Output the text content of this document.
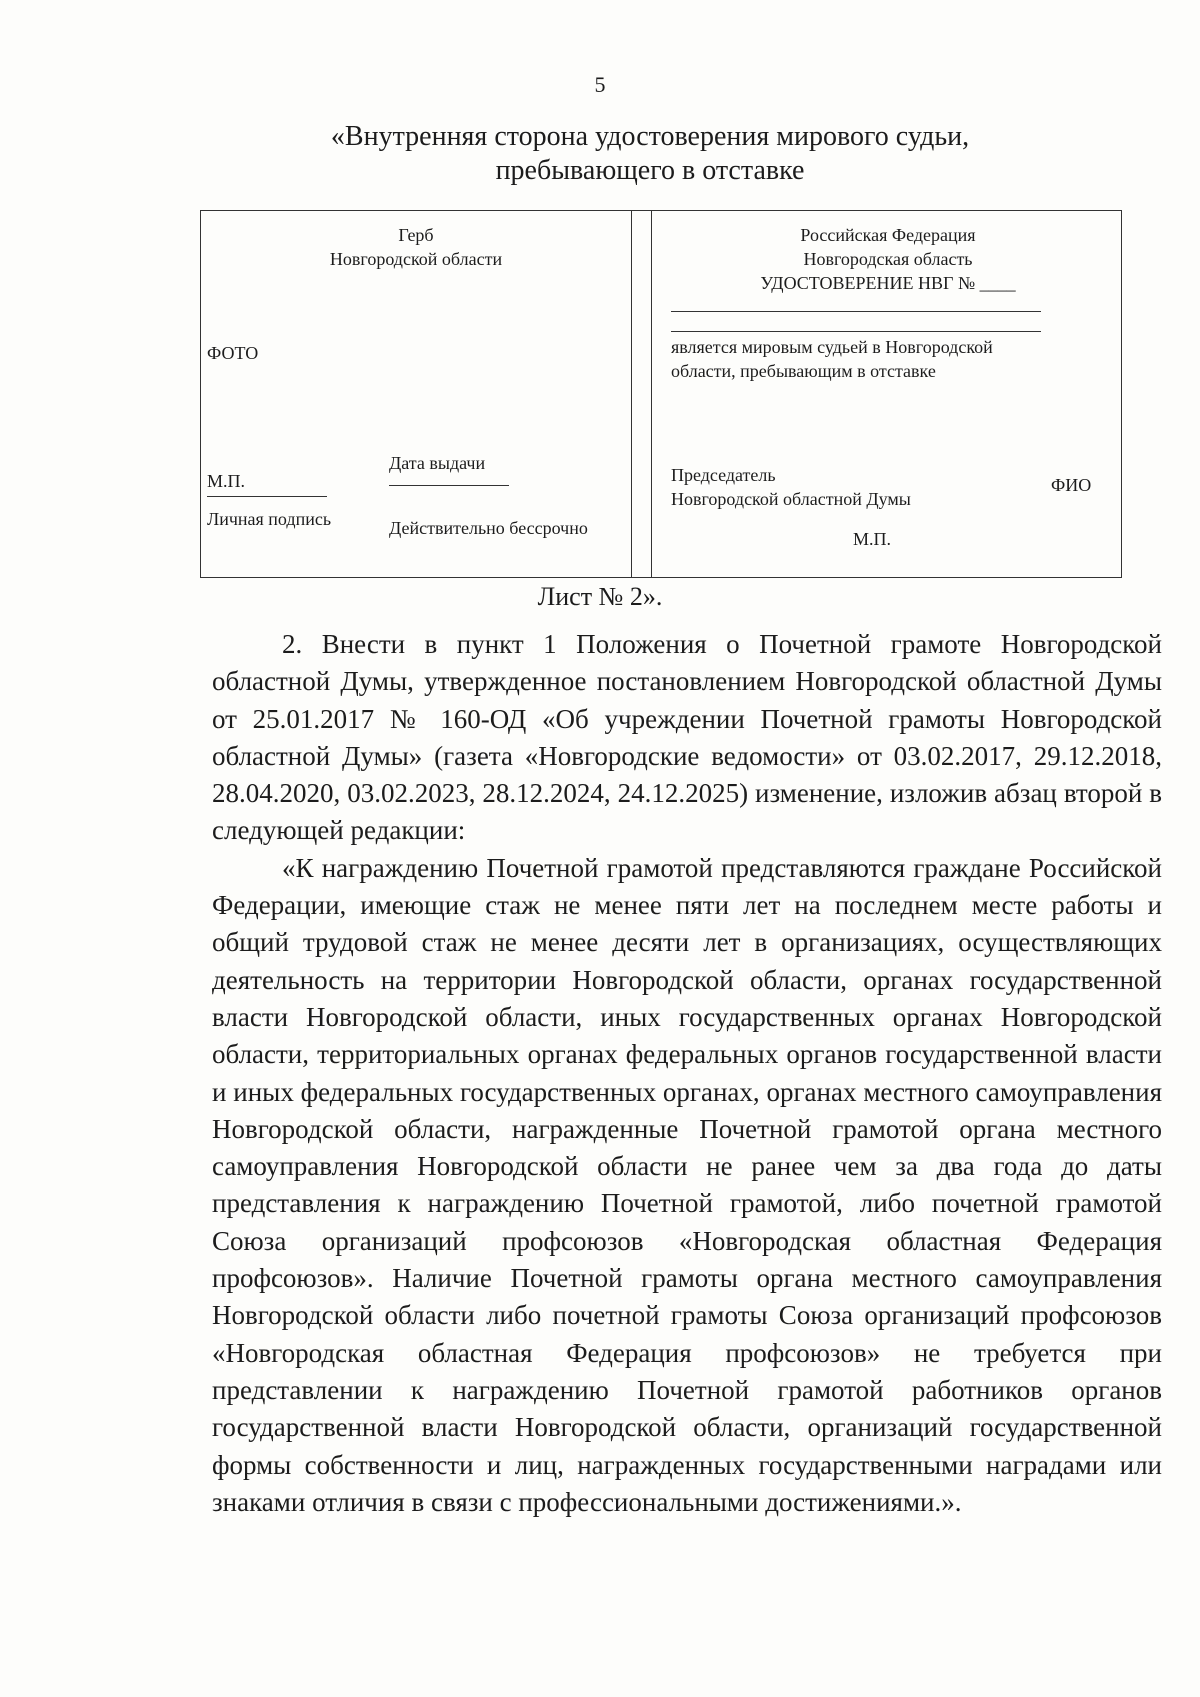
5
«Внутренняя сторона удостоверения мирового судьи,
пребывающего в отставке
Герб
Новгородской области
ФОТО
М.П.
Дата выдачи
Личная подпись	Действительно бессрочно
Российская Федерация
Новгородская область
УДОСТОВЕРЕНИЕ НВГ № ____
является мировым судьей в Новгородской
области, пребывающим в отставке
Председатель
Новгородской областной Думы
ФИО
М.П.
Лист № 2».

2. Внести в пункт 1 Положения о Почетной грамоте Новгородской областной Думы, утвержденное постановлением Новгородской областной Думы от 25.01.2017 № 160-ОД «Об учреждении Почетной грамоты Новгородской областной Думы» (газета «Новгородские ведомости» от 03.02.2017, 29.12.2018, 28.04.2020, 03.02.2023, 28.12.2024, 24.12.2025) изменение, изложив абзац второй в следующей редакции:

«К награждению Почетной грамотой представляются граждане Российской Федерации, имеющие стаж не менее пяти лет на последнем месте работы и общий трудовой стаж не менее десяти лет в организациях, осуществляющих деятельность на территории Новгородской области, органах государственной власти Новгородской области, иных государственных органах Новгородской области, территориальных органах федеральных органов государственной власти и иных федеральных государственных органах, органах местного самоуправления Новгородской области, награжденные Почетной грамотой органа местного самоуправления Новгородской области не ранее чем за два года до даты представления к награждению Почетной грамотой, либо почетной грамотой Союза организаций профсоюзов «Новгородская областная Федерация профсоюзов». Наличие Почетной грамоты органа местного самоуправления Новгородской области либо почетной грамоты Союза организаций профсоюзов «Новгородская областная Федерация профсоюзов» не требуется при представлении к награждению Почетной грамотой работников органов государственной власти Новгородской области, организаций государственной формы собственности и лиц, награжденных государственными наградами или знаками отличия в связи с профессиональными достижениями.».
